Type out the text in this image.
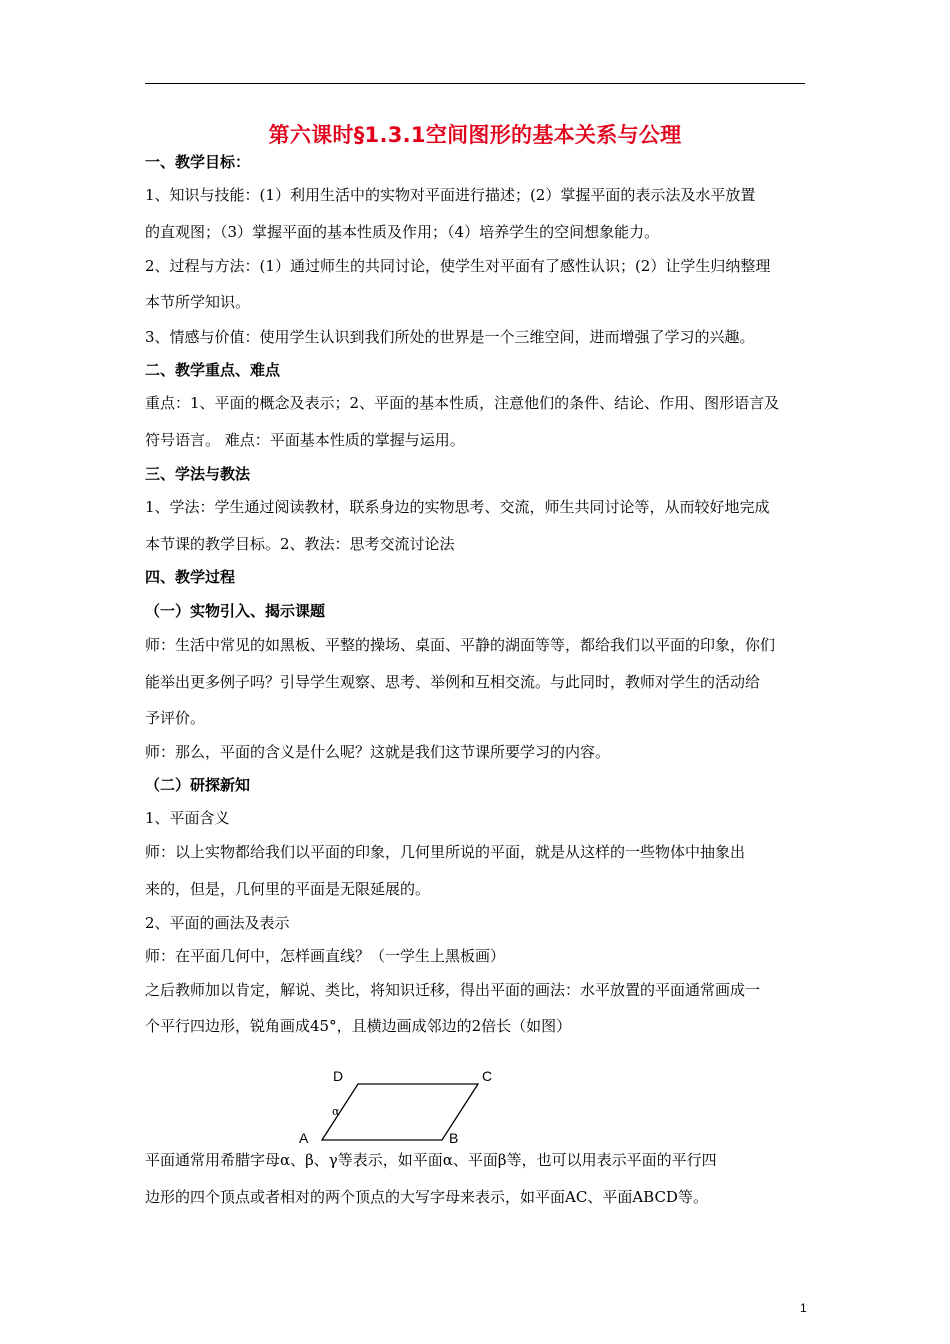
第六课时§1.3.1空间图形的基本关系与公理
一、教学目标：
1、知识与技能：(1）利用生活中的实物对平面进行描述；(2）掌握平面的表示法及水平放置
的直观图；（3）掌握平面的基本性质及作用；（4）培养学生的空间想象能力。
2、过程与方法：(1）通过师生的共同讨论，使学生对平面有了感性认识；(2）让学生归纳整理
本节所学知识。
3、情感与价值：使用学生认识到我们所处的世界是一个三维空间，进而增强了学习的兴趣。
二、教学重点、难点
重点：1、平面的概念及表示；2、平面的基本性质，注意他们的条件、结论、作用、图形语言及
符号语言。 难点：平面基本性质的掌握与运用。
三、学法与教法
1、学法：学生通过阅读教材，联系身边的实物思考、交流，师生共同讨论等，从而较好地完成
本节课的教学目标。2、教法：思考交流讨论法
四、教学过程
（一）实物引入、揭示课题
师：生活中常见的如黑板、平整的操场、桌面、平静的湖面等等，都给我们以平面的印象，你们
能举出更多例子吗？引导学生观察、思考、举例和互相交流。与此同时，教师对学生的活动给
予评价。
师：那么，平面的含义是什么呢？这就是我们这节课所要学习的内容。
（二）研探新知
1、平面含义
师：以上实物都给我们以平面的印象，几何里所说的平面，就是从这样的一些物体中抽象出
来的，但是，几何里的平面是无限延展的。
2、平面的画法及表示
师：在平面几何中，怎样画直线？（一学生上黑板画）
之后教师加以肯定，解说、类比，将知识迁移，得出平面的画法：水平放置的平面通常画成一
个平行四边形，锐角画成45°，且横边画成邻边的2倍长（如图）
D	C
A	B
α
平面通常用希腊字母α、β、γ等表示，如平面α、平面β等，也可以用表示平面的平行四
边形的四个顶点或者相对的两个顶点的大写字母来表示，如平面AC、平面ABCD等。
1
